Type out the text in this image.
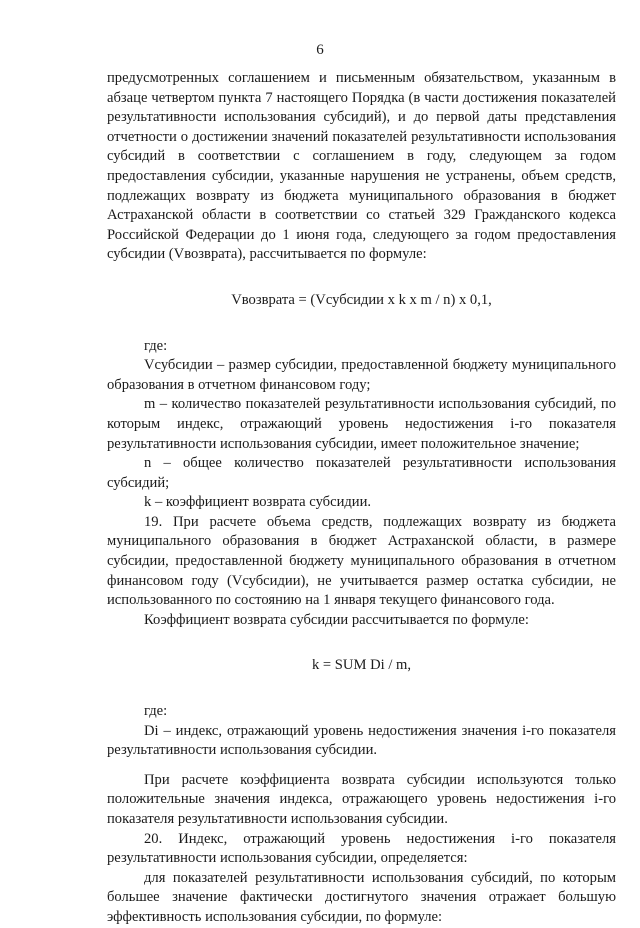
6

предусмотренных соглашением и письменным обязательством, указанным в абзаце четвертом пункта 7 настоящего Порядка (в части достижения показателей результативности использования субсидий), и до первой даты представления отчетности о достижении значений показателей результативности использования субсидий в соответствии с соглашением в году, следующем за годом предоставления субсидии, указанные нарушения не устранены, объем средств, подлежащих возврату из бюджета муниципального образования в бюджет Астраханской области в соответствии со статьей 329 Гражданского кодекса Российской Федерации до 1 июня года, следующего за годом предоставления субсидии (Vвозврата), рассчитывается по формуле:

Vвозврата = (Vсубсидии x k x m / n) x 0,1,

где:

Vсубсидии – размер субсидии, предоставленной бюджету муниципального образования в отчетном финансовом году;

m – количество показателей результативности использования субсидий, по которым индекс, отражающий уровень недостижения i-го показателя результативности использования субсидии, имеет положительное значение;

n – общее количество показателей результативности использования субсидий;

k – коэффициент возврата субсидии.

19. При расчете объема средств, подлежащих возврату из бюджета муниципального образования в бюджет Астраханской области, в размере субсидии, предоставленной бюджету муниципального образования в отчетном финансовом году (Vсубсидии), не учитывается размер остатка субсидии, не использованного по состоянию на 1 января текущего финансового года.

Коэффициент возврата субсидии рассчитывается по формуле:

k = SUM Di / m,

где:

Di – индекс, отражающий уровень недостижения значения i-го показателя результативности использования субсидии.

При расчете коэффициента возврата субсидии используются только положительные значения индекса, отражающего уровень недостижения i-го показателя результативности использования субсидии.

20. Индекс, отражающий уровень недостижения i-го показателя результативности использования субсидии, определяется:

для показателей результативности использования субсидий, по которым большее значение фактически достигнутого значения отражает большую эффективность использования субсидии, по формуле:
